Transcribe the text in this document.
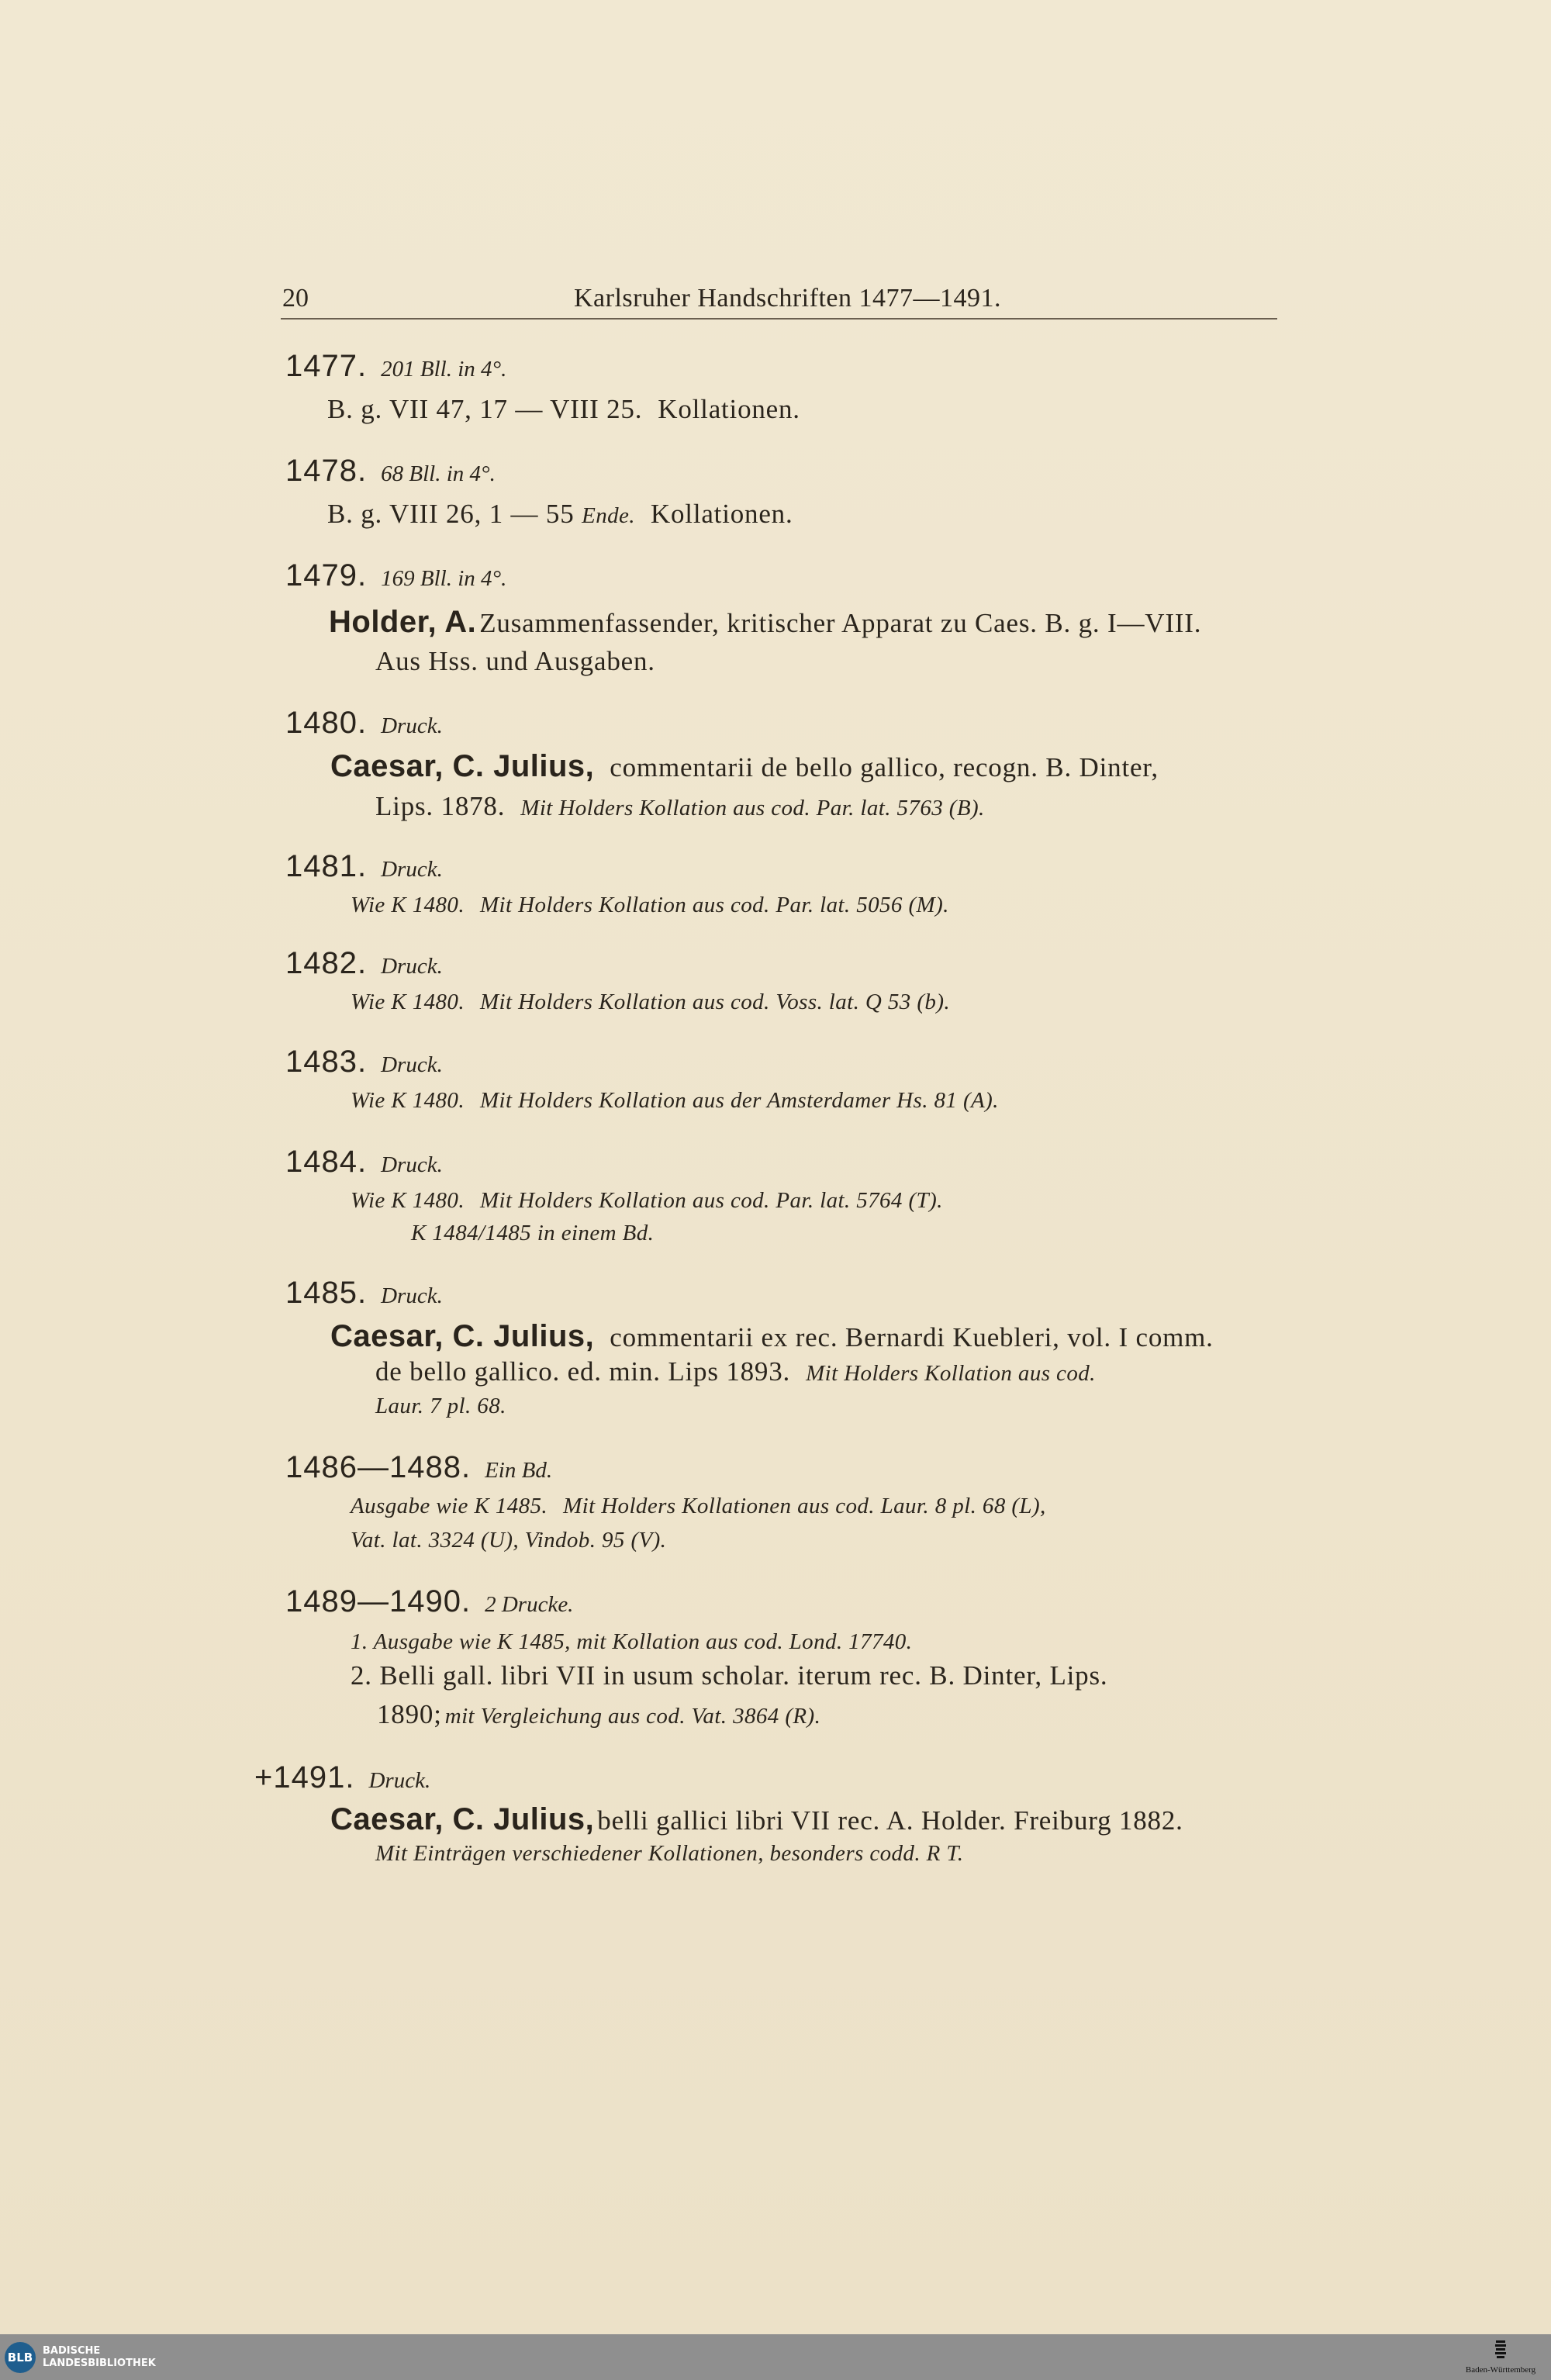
20	Karlsruher Handschriften 1477—1491.
1477. 201 Bll. in 4°.
B. g. VII 47, 17 — VIII 25. Kollationen.
1478. 68 Bll. in 4°.
B. g. VIII 26, 1 — 55 Ende. Kollationen.
1479. 169 Bll. in 4°.
Holder, A. Zusammenfassender, kritischer Apparat zu Caes. B. g. I—VIII.
Aus Hss. und Ausgaben.
1480. Druck.
Caesar, C. Julius, commentarii de bello gallico, recogn. B. Dinter,
Lips. 1878. Mit Holders Kollation aus cod. Par. lat. 5763 (B).
1481. Druck.
Wie K 1480. Mit Holders Kollation aus cod. Par. lat. 5056 (M).
1482. Druck.
Wie K 1480. Mit Holders Kollation aus cod. Voss. lat. Q 53 (b).
1483. Druck.
Wie K 1480. Mit Holders Kollation aus der Amsterdamer Hs. 81 (A).
1484. Druck.
Wie K 1480. Mit Holders Kollation aus cod. Par. lat. 5764 (T).
K 1484/1485 in einem Bd.
1485. Druck.
Caesar, C. Julius, commentarii ex rec. Bernardi Kuebleri, vol. I comm.
de bello gallico. ed. min. Lips 1893. Mit Holders Kollation aus cod.
Laur. 7 pl. 68.
1486—1488. Ein Bd.
Ausgabe wie K 1485. Mit Holders Kollationen aus cod. Laur. 8 pl. 68 (L),
Vat. lat. 3324 (U), Vindob. 95 (V).
1489—1490. 2 Drucke.
1. Ausgabe wie K 1485, mit Kollation aus cod. Lond. 17740.
2. Belli gall. libri VII in usum scholar. iterum rec. B. Dinter, Lips.
1890; mit Vergleichung aus cod. Vat. 3864 (R).
+1491. Druck.
Caesar, C. Julius, belli gallici libri VII rec. A. Holder. Freiburg 1882.
Mit Einträgen verschiedener Kollationen, besonders codd. R T.
BLB BADISCHE
LANDESBIBLIOTHEK
Baden-Württemberg
